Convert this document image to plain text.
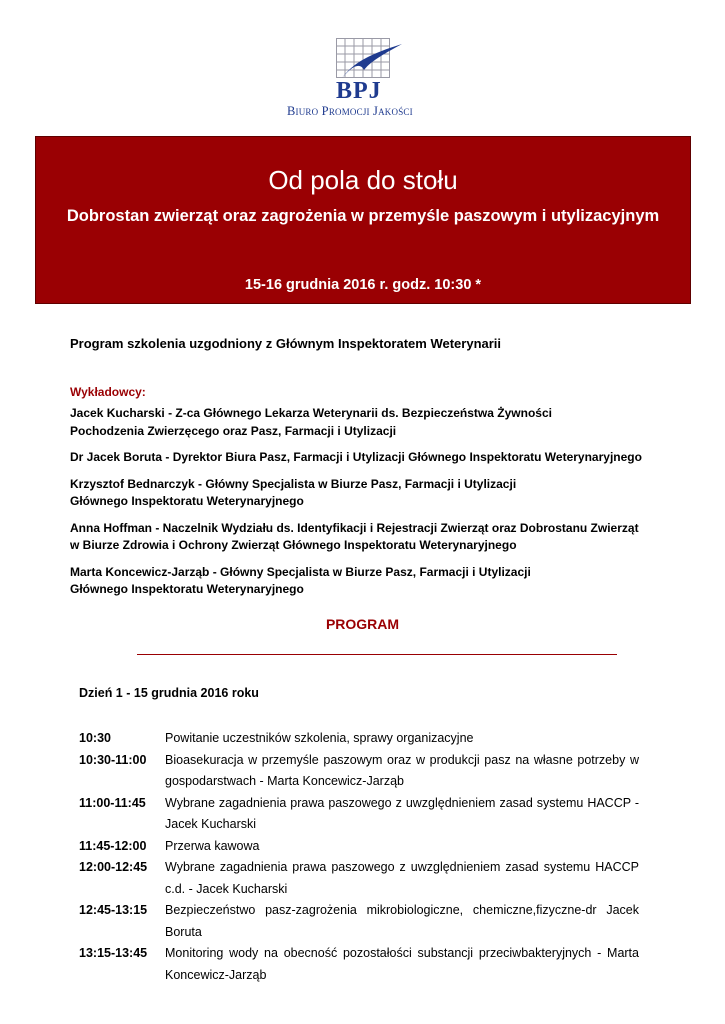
BPJ
Biuro Promocji Jakości
Od pola do stołu
Dobrostan zwierząt oraz zagrożenia w przemyśle paszowym i utylizacyjnym
15-16 grudnia 2016 r. godz. 10:30 *
Program szkolenia uzgodniony z Głównym Inspektoratem Weterynarii
Wykładowcy:
Jacek Kucharski - Z-ca Głównego Lekarza Weterynarii ds. Bezpieczeństwa Żywności
Pochodzenia Zwierzęcego oraz Pasz, Farmacji i Utylizacji
Dr Jacek Boruta - Dyrektor Biura Pasz, Farmacji i Utylizacji Głównego Inspektoratu Weterynaryjnego
Krzysztof Bednarczyk - Główny Specjalista w Biurze Pasz, Farmacji i Utylizacji
Głównego Inspektoratu Weterynaryjnego
Anna Hoffman - Naczelnik Wydziału ds. Identyfikacji i Rejestracji Zwierząt oraz Dobrostanu Zwierząt
w Biurze Zdrowia i Ochrony Zwierząt Głównego Inspektoratu Weterynaryjnego
Marta Koncewicz-Jarząb - Główny Specjalista w Biurze Pasz, Farmacji i Utylizacji
Głównego Inspektoratu Weterynaryjnego
PROGRAM
Dzień 1 - 15 grudnia 2016 roku
10:30	Powitanie uczestników szkolenia, sprawy organizacyjne
10:30-11:00	Bioasekuracja w przemyśle paszowym oraz w produkcji pasz na własne potrzeby w gospodarstwach - Marta Koncewicz-Jarząb
11:00-11:45	Wybrane zagadnienia prawa paszowego z uwzględnieniem zasad systemu HACCP - Jacek Kucharski
11:45-12:00	Przerwa kawowa
12:00-12:45	Wybrane zagadnienia prawa paszowego z uwzględnieniem zasad systemu HACCP c.d. - Jacek Kucharski
12:45-13:15	Bezpieczeństwo pasz-zagrożenia mikrobiologiczne, chemiczne,fizyczne-dr Jacek Boruta
13:15-13:45	Monitoring wody na obecność pozostałości substancji przeciwbakteryjnych - Marta Koncewicz-Jarząb
